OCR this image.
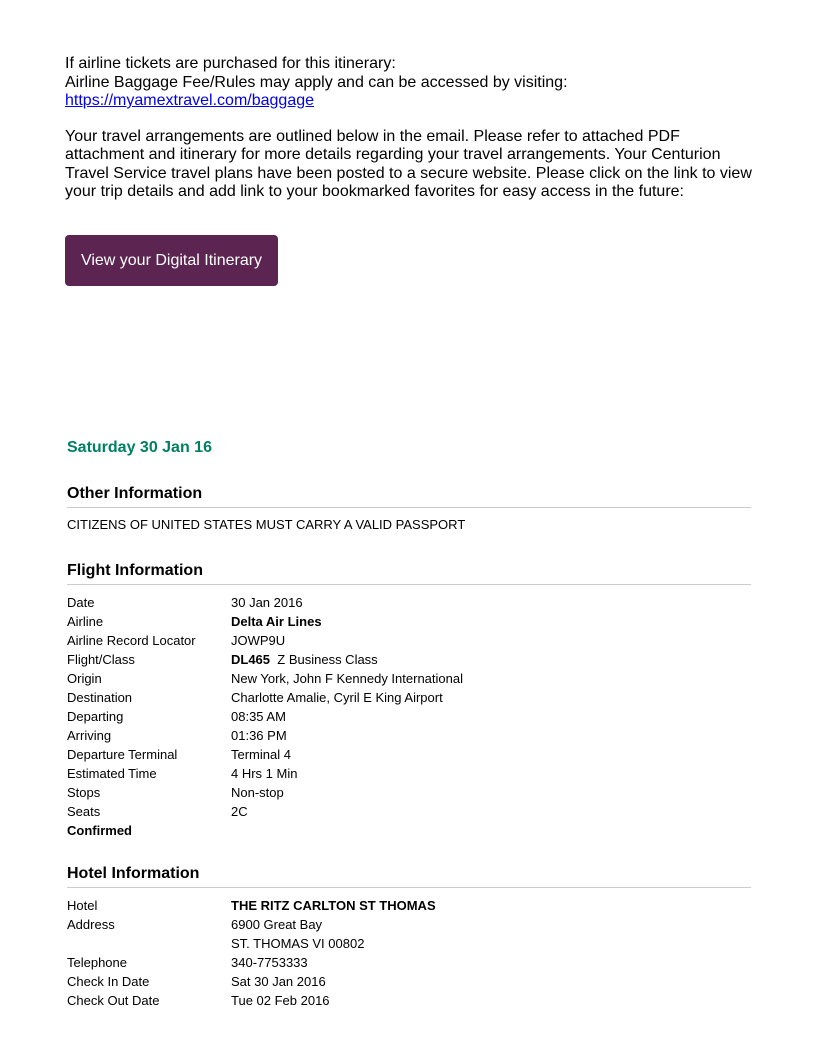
If airline tickets are purchased for this itinerary:

Airline Baggage Fee/Rules may apply and can be accessed by visiting:

https://myamextravel.com/baggage

Your travel arrangements are outlined below in the email. Please refer to attached PDF attachment and itinerary for more details regarding your travel arrangements. Your Centurion Travel Service travel plans have been posted to a secure website. Please click on the link to view your trip details and add link to your bookmarked favorites for easy access in the future:

View your Digital Itinerary
Saturday 30 Jan 16
Other Information
CITIZENS OF UNITED STATES MUST CARRY A VALID PASSPORT
Flight Information
Date	30 Jan 2016
Airline	Delta Air Lines
Airline Record Locator	JOWP9U
Flight/Class	DL465 Z Business Class
Origin	New York, John F Kennedy International
Destination	Charlotte Amalie, Cyril E King Airport
Departing	08:35 AM
Arriving	01:36 PM
Departure Terminal	Terminal 4
Estimated Time	4 Hrs 1 Min
Stops	Non-stop
Seats	2C
Confirmed
Hotel Information
Hotel	THE RITZ CARLTON ST THOMAS
Address	6900 Great Bay
ST. THOMAS VI 00802
Telephone	340-7753333
Check In Date	Sat 30 Jan 2016
Check Out Date	Tue 02 Feb 2016
